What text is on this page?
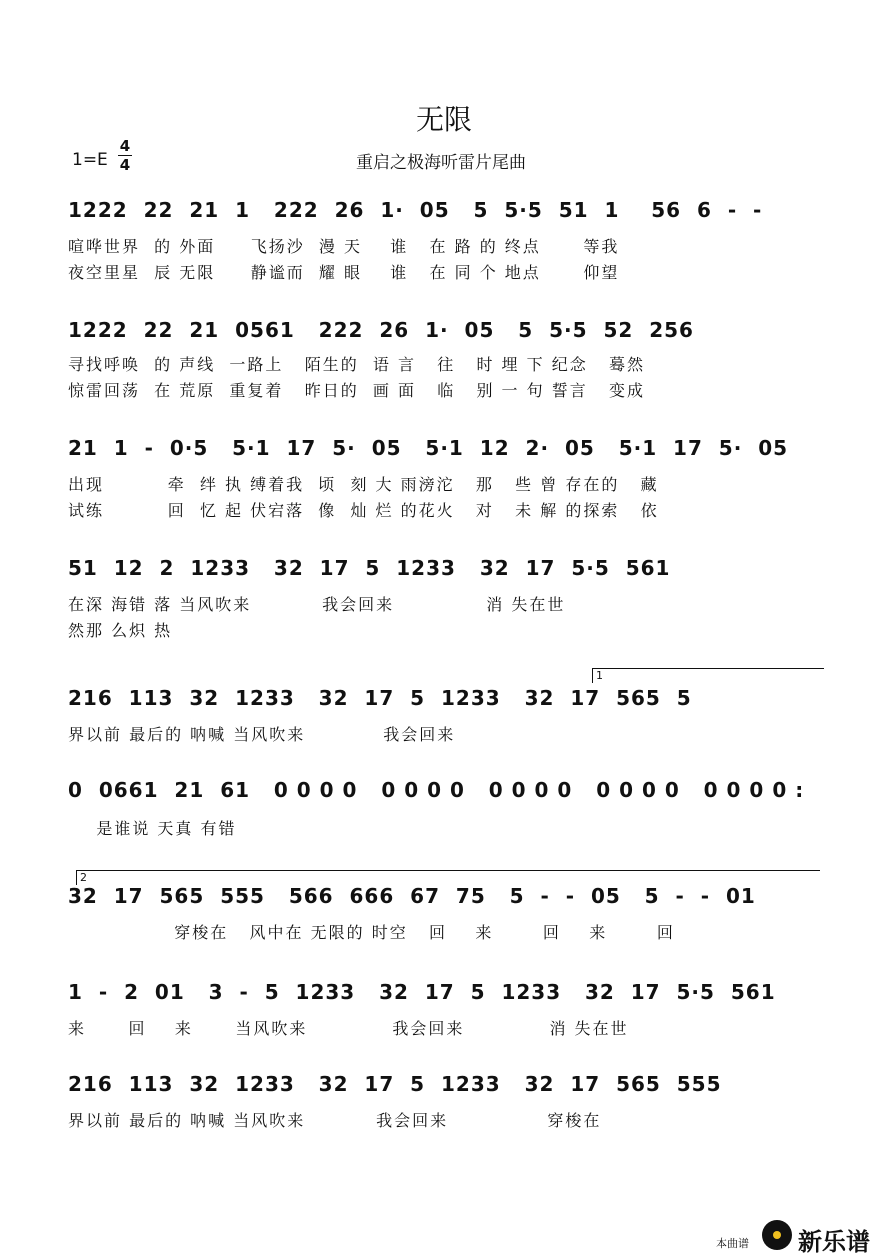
无限
1=E
4
4	重启之极海听雷片尾曲
1222  22  21  1   222  26  1·  05   5  5·5  51  1    56  6  -  -
喧哗世界  的 外面     飞扬沙  漫 天    谁   在 路 的 终点      等我
夜空里星  辰 无限     静谧而  耀 眼    谁   在 同 个 地点      仰望
1222  22  21  0561   222  26  1·  05   5  5·5  52  256
寻找呼唤  的 声线  一路上   陌生的  语 言   往   时 埋 下 纪念   蓦然
惊雷回荡  在 荒原  重复着   昨日的  画 面   临   别 一 句 誓言   变成
21  1  -  0·5   5·1  17  5·  05   5·1  12  2·  05   5·1  17  5·  05
出现         牵  绊 执 缚着我  顷  刻 大 雨滂沱   那   些 曾 存在的   藏
试练         回  忆 起 伏宕落  像  灿 烂 的花火   对   未 解 的探索   依
51  12  2  1233   32  17  5  1233   32  17  5·5  561
在深 海错 落 当风吹来          我会回来             消 失在世
然那 么炽 热
1
216  113  32  1233   32  17  5  1233   32  17  565  5
界以前 最后的 呐喊 当风吹来           我会回来
0  0661  21  61   0 0 0 0   0 0 0 0   0 0 0 0   0 0 0 0   0 0 0 0 :
是谁说 天真 有错
2
32  17  565  555   566  666  67  75   5  -  -  05   5  -  -  01
穿梭在   风中在 无限的 时空   回    来       回    来       回
1  -  2  01   3  -  5  1233   32  17  5  1233   32  17  5·5  561
来      回    来      当风吹来            我会回来            消 失在世
216  113  32  1233   32  17  5  1233   32  17  565  555
界以前 最后的 呐喊 当风吹来          我会回来              穿梭在
本曲谱 新乐谱
